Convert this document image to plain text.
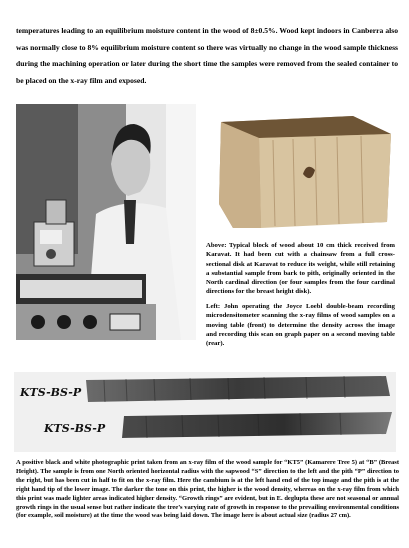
temperatures leading to an equilibrium moisture content in the wood of 8±0.5%. Wood kept indoors in Canberra also was normally close to 8% equilibrium moisture content so there was virtually no change in the wood sample thickness during the machining operation or later during the short time the samples were removed from the sealed container to be placed on the x-ray film and exposed.

Above: Typical block of wood about 10 cm thick received from Karavat. It had been cut with a chainsaw from a full cross-sectional disk at Karavat to reduce its weight, while still retaining a substantial sample from bark to pith, originally oriented in the North cardinal direction (or four samples from the four cardinal directions for the breast height disk).

Left: John operating the Joyce Loebl double-beam recording microdensitometer scanning the x-ray films of wood samples on a moving table (front) to determine the density across the image and recording this scan on graph paper on a second moving table (rear).

KTS-BS-P
KTS-BS-P

A positive black and white photographic print taken from an x-ray film of the wood sample for “KT5” (Kamarere Tree 5) at “B” (Breast Height). The sample is from one North oriented horizontal radius with the sapwood “S” direction to the left and the pith “P” direction to the right, but has been cut in half to fit on the x-ray film. Here the cambium is at the left hand end of the top image and the pith is at the right hand tip of the lower image. The darker the tone on this print, the higher is the wood density, whereas on the x-ray film from which this print was made lighter areas indicated higher density. “Growth rings” are evident, but in E. deglupta these are not seasonal or annual growth rings in the usual sense but rather indicate the tree’s varying rate of growth in response to the prevailing environmental conditions (for example, soil moisture) at the time the wood was being laid down. The image here is about actual size (radius 27 cm).
